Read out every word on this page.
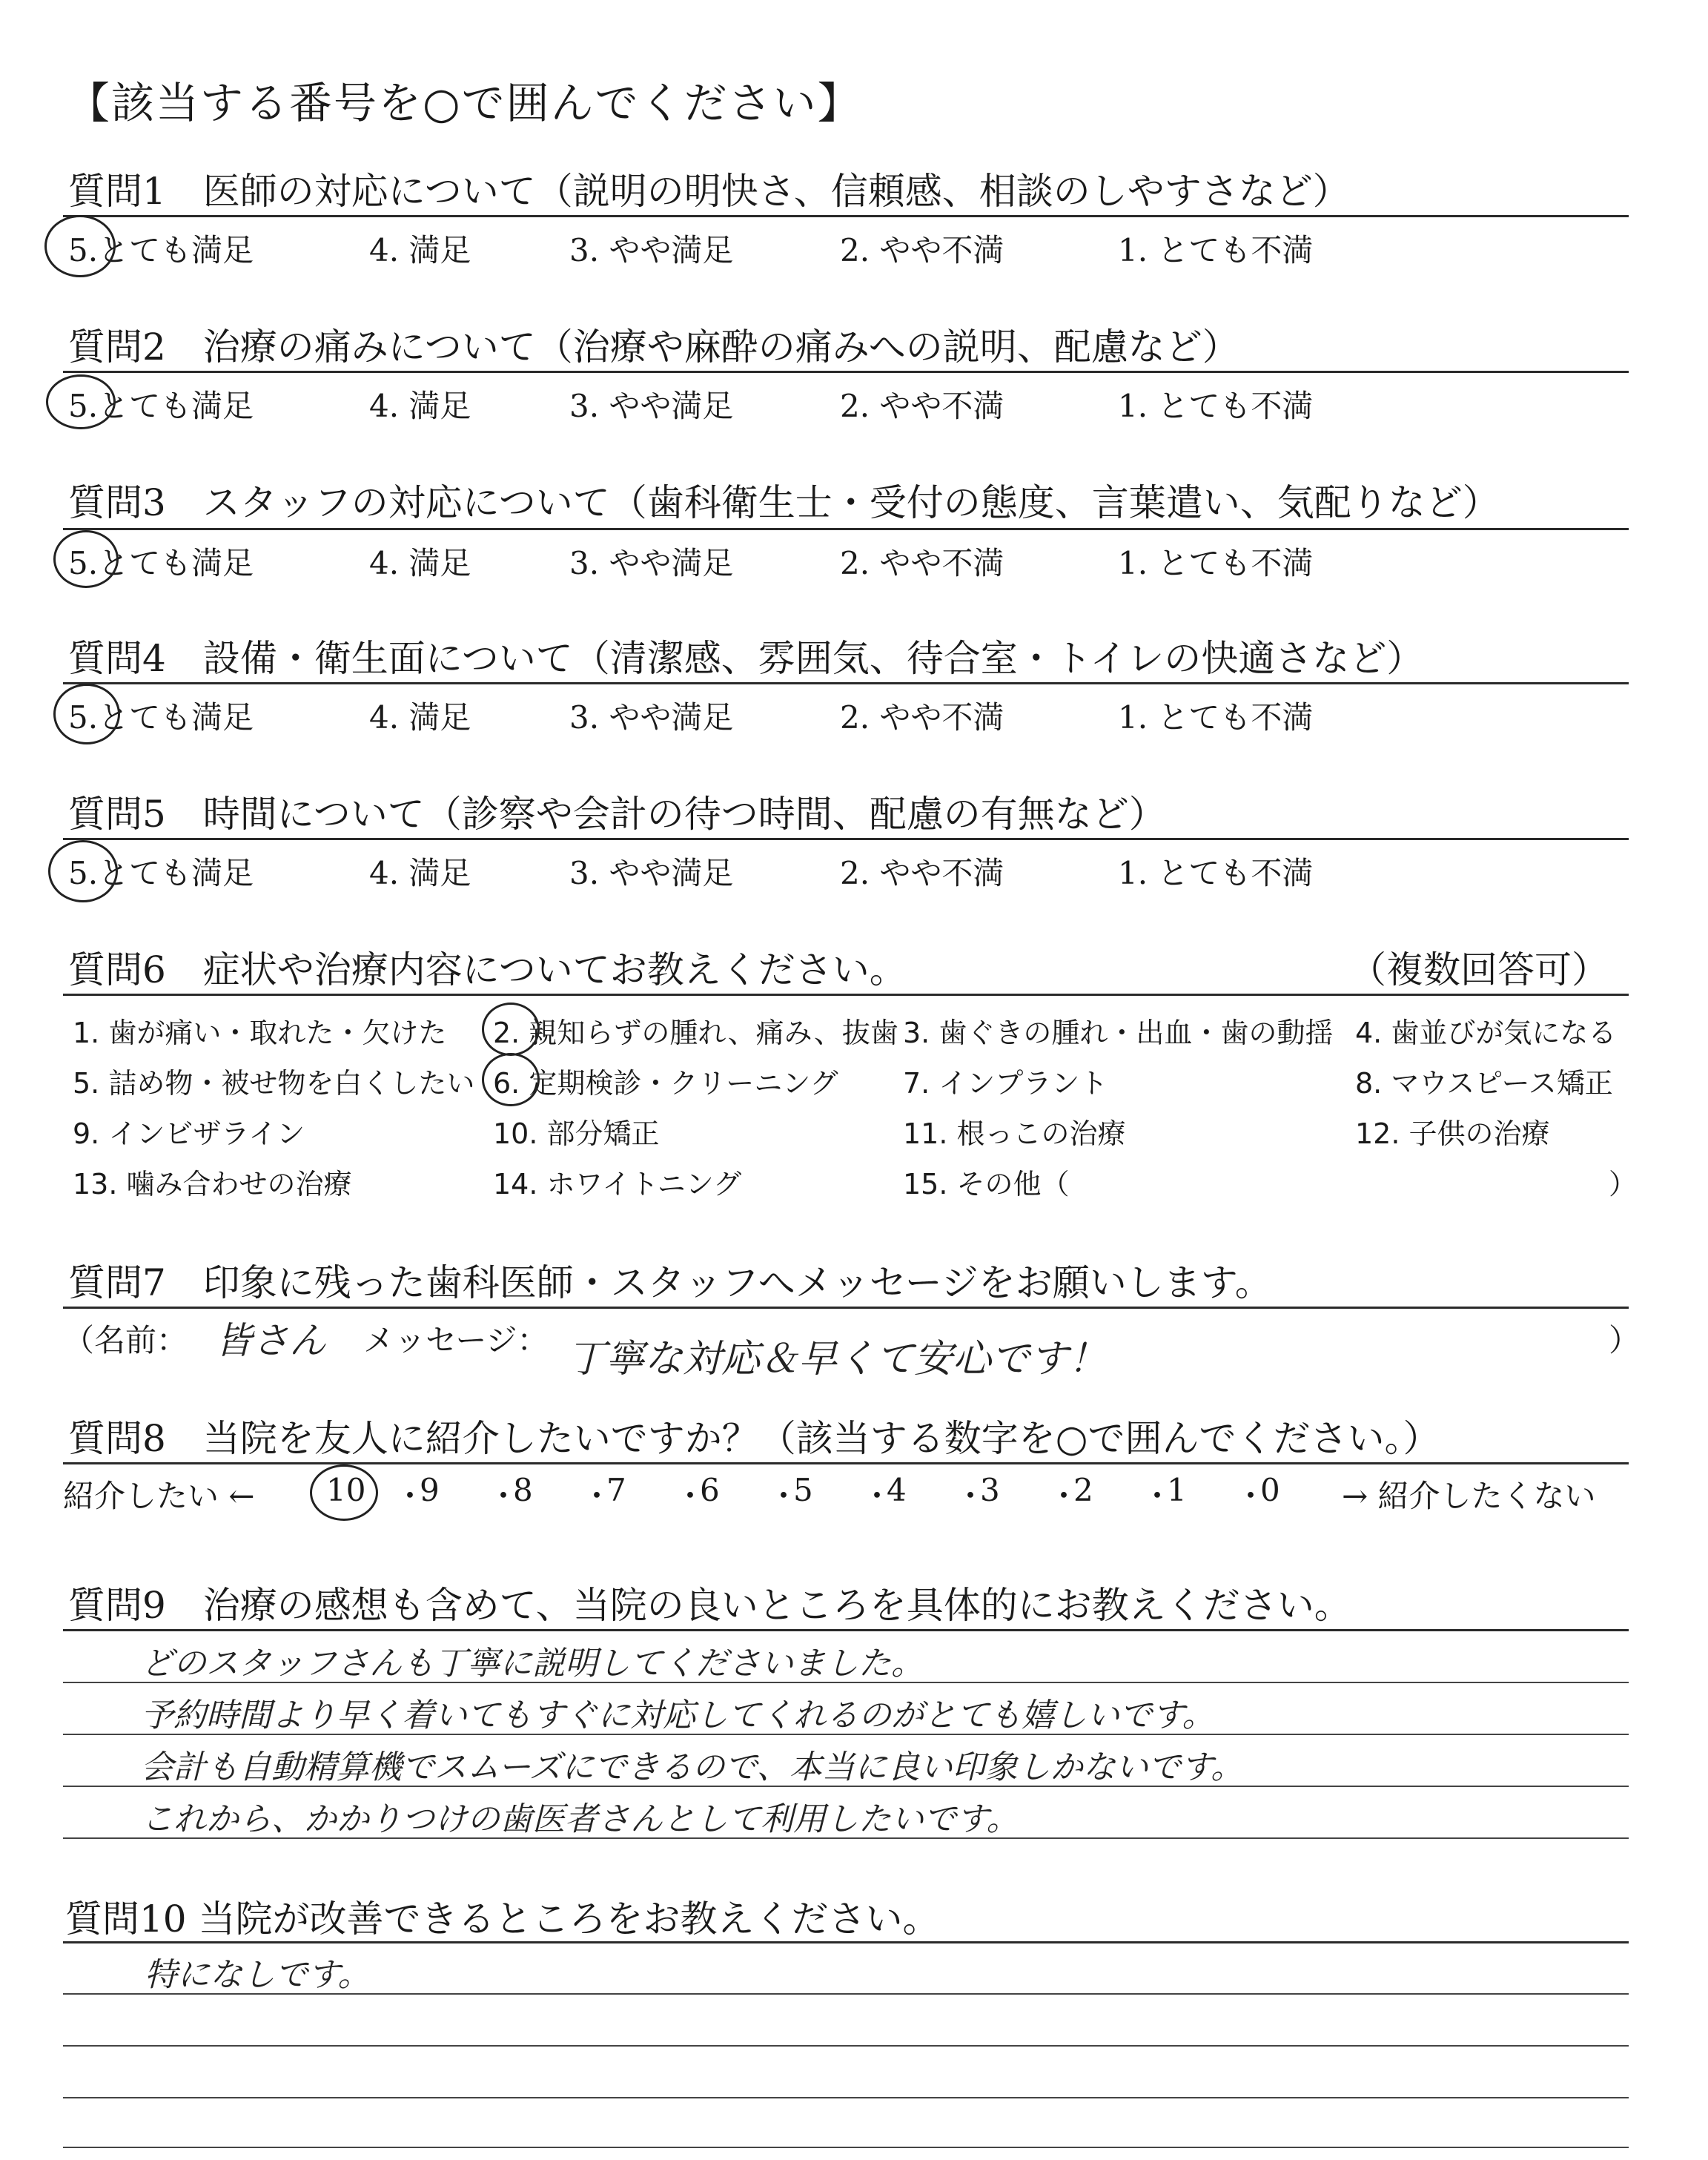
【該当する番号を○で囲んでください】
質問1　医師の対応について（説明の明快さ、信頼感、相談のしやすさなど）
5.とても満足	4. 満足	3. やや満足	2. やや不満	1. とても不満
質問2　治療の痛みについて（治療や麻酔の痛みへの説明、配慮など）
5.とても満足	4. 満足	3. やや満足	2. やや不満	1. とても不満
質問3　スタッフの対応について（歯科衛生士・受付の態度、言葉遣い、気配りなど）
5.とても満足	4. 満足	3. やや満足	2. やや不満	1. とても不満
質問4　設備・衛生面について（清潔感、雰囲気、待合室・トイレの快適さなど）
5.とても満足	4. 満足	3. やや満足	2. やや不満	1. とても不満
質問5　時間について（診察や会計の待つ時間、配慮の有無など）
5.とても満足	4. 満足	3. やや満足	2. やや不満	1. とても不満
質問6　症状や治療内容についてお教えください。	（複数回答可）
1. 歯が痛い・取れた・欠けた 2. 親知らずの腫れ、痛み、抜歯 3. 歯ぐきの腫れ・出血・歯の動揺 4. 歯並びが気になる
5. 詰め物・被せ物を白くしたい 6. 定期検診・クリーニング 7. インプラント	8. マウスピース矯正
9. インビザライン	10. 部分矯正	11. 根っこの治療	12. 子供の治療
13. 噛み合わせの治療	14. ホワイトニング	15. その他（	）
質問7　印象に残った歯科医師・スタッフへメッセージをお願いします。
（名前： 皆さん メッセージ： 丁寧な対応＆早くて安心です！	）
質問8　当院を友人に紹介したいですか？（該当する数字を○で囲んでください。）
紹介したい ← 10 ・
9 ・
8 ・
7 ・
6 ・
5 ・
4 ・
3 ・
2 ・
1 ・
0 → 紹介したくない
質問9　治療の感想も含めて、当院の良いところを具体的にお教えください。
どのスタッフさんも丁寧に説明してくださいました。
予約時間より早く着いてもすぐに対応してくれるのがとても嬉しいです。
会計も自動精算機でスムーズにできるので、本当に良い印象しかないです。
これから、かかりつけの歯医者さんとして利用したいです。
質問10 当院が改善できるところをお教えください。
特になしです。
